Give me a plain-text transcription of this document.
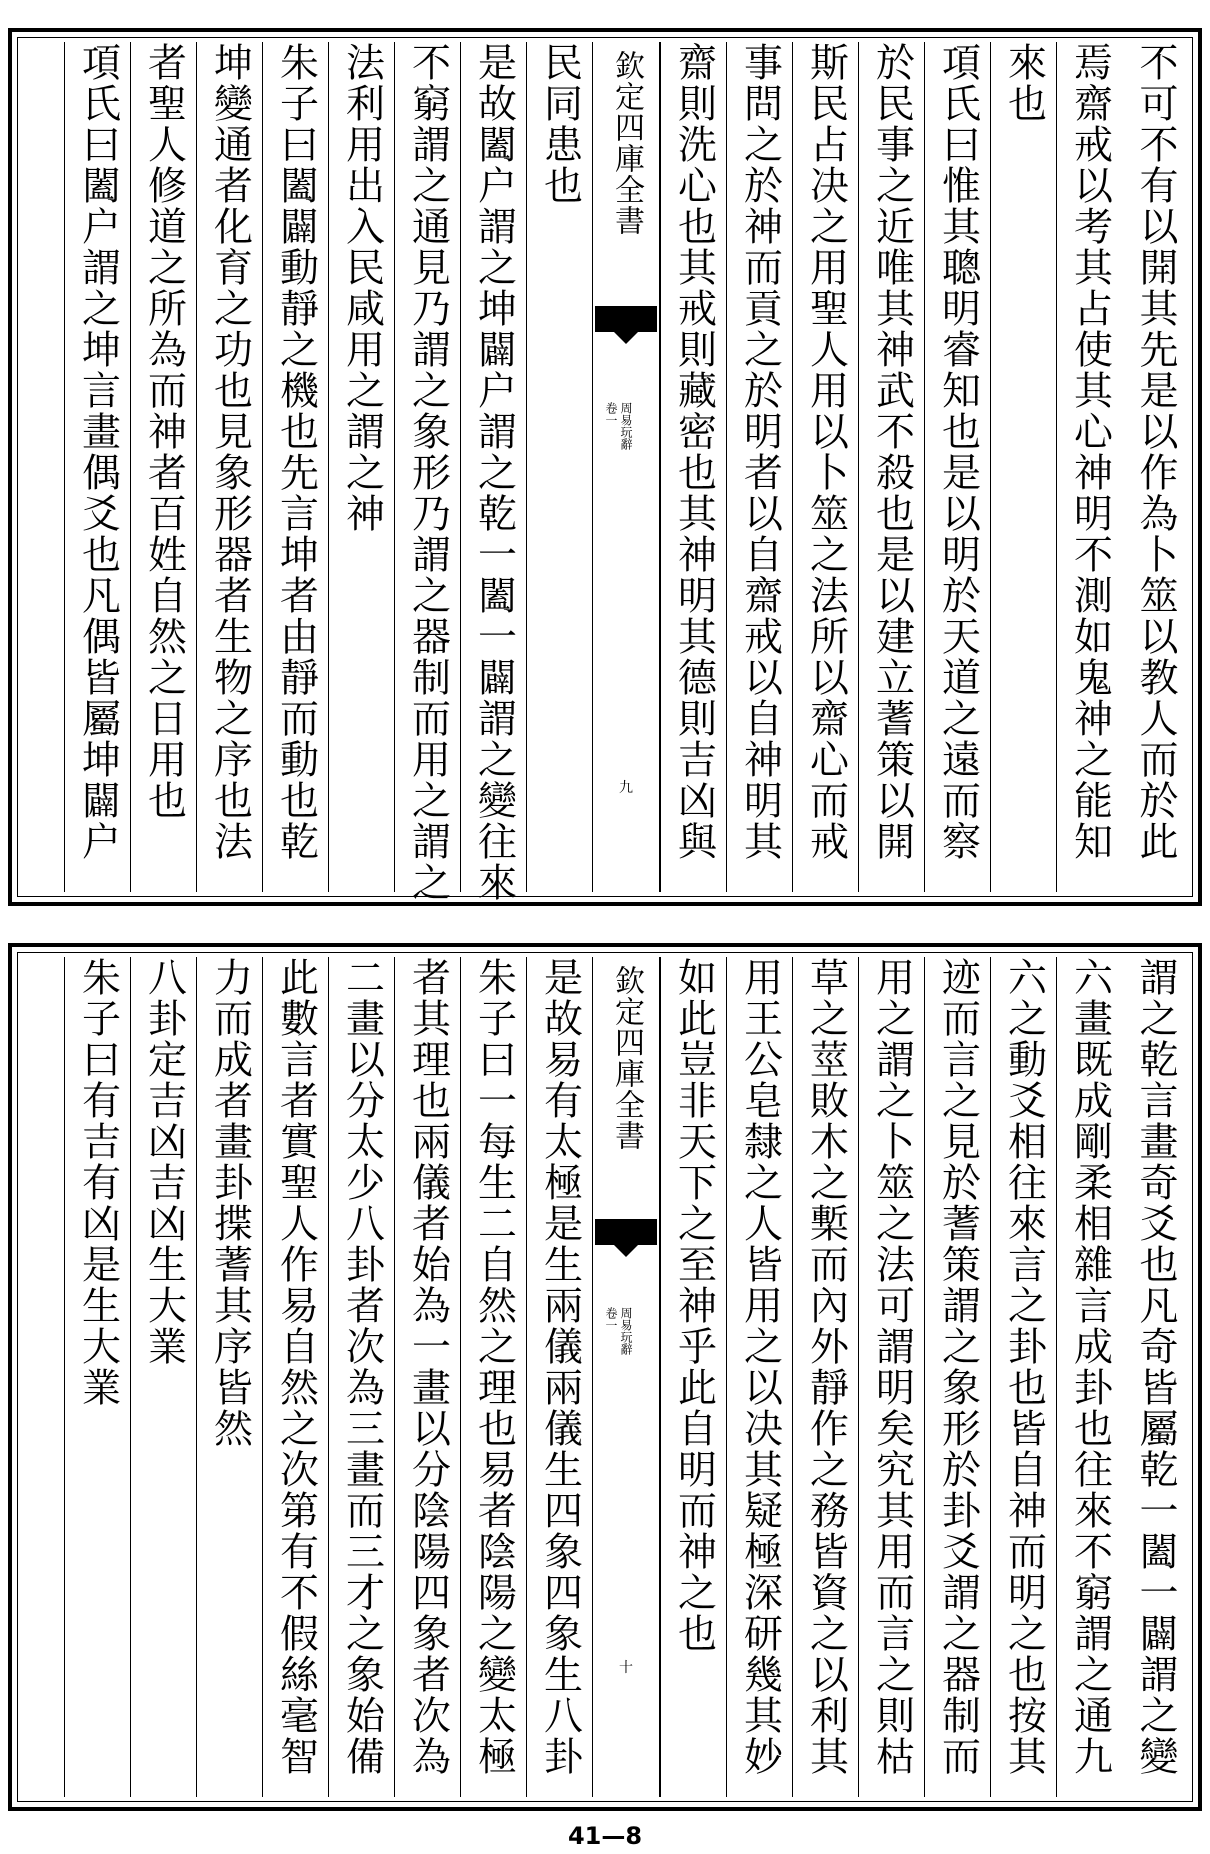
不可不有以開其先是以作為卜筮以教人而於此
焉齋戒以考其占使其心神明不測如鬼神之能知
來也
項氏曰惟其聰明睿知也是以明於天道之遠而察
於民事之近唯其神武不殺也是以建立蓍策以開
斯民占决之用聖人用以卜筮之法所以齋心而戒
事問之於神而貢之於明者以自齋戒以自神明其
齋則洗心也其戒則藏密也其神明其德則吉凶與
欽定四庫全書
周易玩辭
卷一
九
民同患也
是故闔户謂之坤闢户謂之乾一闔一闢謂之變往來
不窮謂之通見乃謂之象形乃謂之器制而用之謂之
法利用出入民咸用之謂之神
朱子曰闔闢動靜之機也先言坤者由靜而動也乾
坤變通者化育之功也見象形器者生物之序也法
者聖人修道之所為而神者百姓自然之日用也
項氏曰闔户謂之坤言畫偶爻也凡偶皆屬坤闢户
謂之乾言畫奇爻也凡奇皆屬乾一闔一闢謂之變
六畫既成剛柔相雜言成卦也往來不窮謂之通九
六之動爻相往來言之卦也皆自神而明之也按其
迹而言之見於蓍策謂之象形於卦爻謂之器制而
用之謂之卜筮之法可謂明矣究其用而言之則枯
草之莖敗木之槧而內外靜作之務皆資之以利其
用王公皂隸之人皆用之以决其疑極深研幾其妙
如此豈非天下之至神乎此自明而神之也
欽定四庫全書
周易玩辭
卷一
十
是故易有太極是生兩儀兩儀生四象四象生八卦
朱子曰一每生二自然之理也易者陰陽之變太極
者其理也兩儀者始為一畫以分陰陽四象者次為
二畫以分太少八卦者次為三畫而三才之象始備
此數言者實聖人作易自然之次第有不假絲毫智
力而成者畫卦揲蓍其序皆然
八卦定吉凶吉凶生大業
朱子曰有吉有凶是生大業
41—8
